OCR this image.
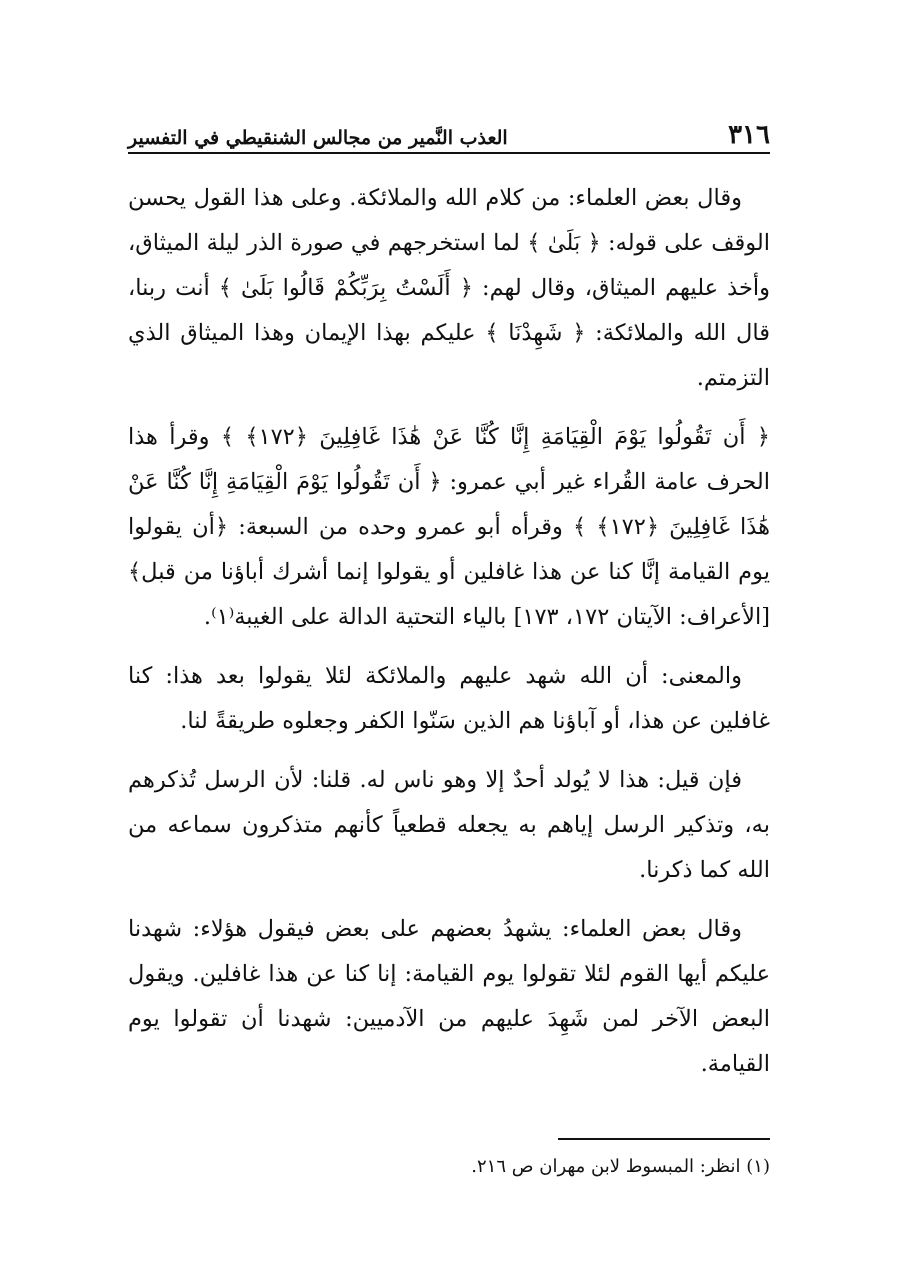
٣١٦
العذب النَّمير من مجالس الشنقيطي في التفسير

وقال بعض العلماء: من كلام الله والملائكة. وعلى هذا القول يحسن الوقف على قوله: ﴿ بَلَىٰ ﴾ لما استخرجهم في صورة الذر ليلة الميثاق، وأخذ عليهم الميثاق، وقال لهم: ﴿ أَلَسْتُ بِرَبِّكُمْ قَالُوا بَلَىٰ ﴾ أنت ربنا، قال الله والملائكة: ﴿ شَهِدْنَا ﴾ عليكم بهذا الإيمان وهذا الميثاق الذي التزمتم.

﴿ أَن تَقُولُوا يَوْمَ الْقِيَامَةِ إِنَّا كُنَّا عَنْ هَٰذَا غَافِلِينَ ﴿١٧٢﴾ ﴾ وقرأ هذا الحرف عامة القُراء غير أبي عمرو: ﴿ أَن تَقُولُوا يَوْمَ الْقِيَامَةِ إِنَّا كُنَّا عَنْ هَٰذَا غَافِلِينَ ﴿١٧٢﴾ ﴾ وقرأه أبو عمرو وحده من السبعة: ﴿أن يقولوا يوم القيامة إنَّا كنا عن هذا غافلين أو يقولوا إنما أشرك أباؤنا من قبل﴾ [الأعراف: الآيتان ١٧٢، ١٧٣] بالياء التحتية الدالة على الغيبة⁽١⁾.

والمعنى: أن الله شهد عليهم والملائكة لئلا يقولوا بعد هذا: كنا غافلين عن هذا، أو آباؤنا هم الذين سَنّوا الكفر وجعلوه طريقةً لنا.

فإن قيل: هذا لا يُولد أحدٌ إلا وهو ناس له. قلنا: لأن الرسل تُذكرهم به، وتذكير الرسل إياهم به يجعله قطعياً كأنهم متذكرون سماعه من الله كما ذكرنا.

وقال بعض العلماء: يشهدُ بعضهم على بعض فيقول هؤلاء: شهدنا عليكم أيها القوم لئلا تقولوا يوم القيامة: إنا كنا عن هذا غافلين. ويقول البعض الآخر لمن شَهِدَ عليهم من الآدميين: شهدنا أن تقولوا يوم القيامة.

(١) انظر: المبسوط لابن مهران ص ٢١٦.
